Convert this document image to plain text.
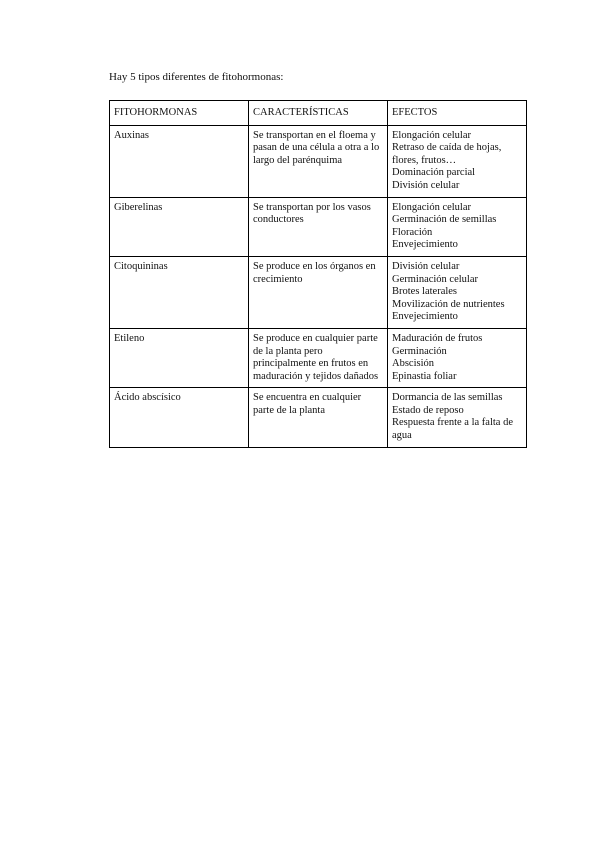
Hay 5 tipos diferentes de fitohormonas:

FITOHORMONAS	CARACTERÍSTICAS	EFECTOS
Auxinas	Se transportan en el floema y pasan de una célula a otra a lo largo del parénquima	Elongación celular
Retraso de caída de hojas, flores, frutos…
Dominación parcial
División celular

Giberelinas	Se transportan por los vasos conductores	Elongación celular
Germinación de semillas
Floración
Envejecimiento

Citoquininas	Se produce en los órganos en crecimiento	División celular
Germinación celular
Brotes laterales
Movilización de nutrientes
Envejecimiento

Etileno	Se produce en cualquier parte de la planta pero principalmente en frutos en maduración y tejidos dañados	Maduración de frutos
Germinación
Abscisión
Epinastia foliar

Ácido abscísico	Se encuentra en cualquier parte de la planta	Dormancia de las semillas
Estado de reposo
Respuesta frente a la falta de agua
